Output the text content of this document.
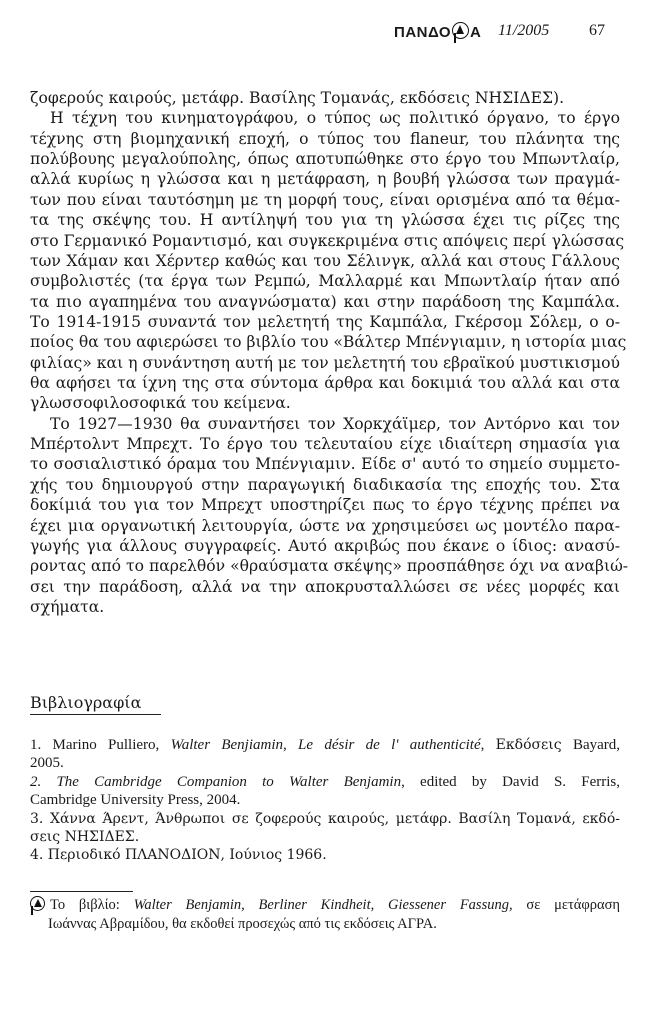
ΠΑΝΔΟ Α 11/2005 67
ζοφερούς καιρούς, μετάφρ. Βασίλης Τομανάς, εκδόσεις ΝΗΣΙΔΕΣ).
Η τέχνη του κινηματογράφου, ο τύπος ως πολιτικό όργανο, το έργο
τέχνης στη βιομηχανική εποχή, ο τύπος του flaneur, του πλάνητα της
πολύβουης μεγαλούπολης, όπως αποτυπώθηκε στο έργο του Μπωντλαίρ,
αλλά κυρίως η γλώσσα και η μετάφραση, η βουβή γλώσσα των πραγμά-
των που είναι ταυτόσημη με τη μορφή τους, είναι ορισμένα από τα θέμα-
τα της σκέψης του. Η αντίληψή του για τη γλώσσα έχει τις ρίζες της
στο Γερμανικό Ρομαντισμό, και συγκεκριμένα στις απόψεις περί γλώσσας
των Χάμαν και Χέρντερ καθώς και του Σέλινγκ, αλλά και στους Γάλλους
συμβολιστές (τα έργα των Ρεμπώ, Μαλλαρμέ και Μπωντλαίρ ήταν από
τα πιο αγαπημένα του αναγνώσματα) και στην παράδοση της Καμπάλα.
Το 1914-1915 συναντά τον μελετητή της Καμπάλα, Γκέρσομ Σόλεμ, ο ο-
ποίος θα του αφιερώσει το βιβλίο του «Βάλτερ Μπένγιαμιν, η ιστορία μιας
φιλίας» και η συνάντηση αυτή με τον μελετητή του εβραϊκού μυστικισμού
θα αφήσει τα ίχνη της στα σύντομα άρθρα και δοκιμιά του αλλά και στα
γλωσσοφιλοσοφικά του κείμενα.
Το 1927—1930 θα συναντήσει τον Χορκχάϊμερ, τον Αντόρνο και τον
Μπέρτολντ Μπρεχτ. Το έργο του τελευταίου είχε ιδιαίτερη σημασία για
το σοσιαλιστικό όραμα του Μπένγιαμιν. Είδε σ' αυτό το σημείο συμμετο-
χής του δημιουργού στην παραγωγική διαδικασία της εποχής του. Στα
δοκίμιά του για τον Μπρεχτ υποστηρίζει πως το έργο τέχνης πρέπει να
έχει μια οργανωτική λειτουργία, ώστε να χρησιμεύσει ως μοντέλο παρα-
γωγής για άλλους συγγραφείς. Αυτό ακριβώς που έκανε ο ίδιος: ανασύ-
ροντας από το παρελθόν «θραύσματα σκέψης» προσπάθησε όχι να αναβιώ-
σει την παράδοση, αλλά να την αποκρυσταλλώσει σε νέες μορφές και
σχήματα.
Βιβλιογραφία
1. Marino Pulliero, Walter Benjiamin, Le désir de l' authenticité, Εκδόσεις Bayard,
2005.
2. The Cambridge Companion to Walter Benjamin, edited by David S. Ferris,
Cambridge University Press, 2004.
3. Χάννα Άρεντ, Άνθρωποι σε ζοφερούς καιρούς, μετάφρ. Βασίλη Τομανά, εκδό-
σεις ΝΗΣΙΔΕΣ.
4. Περιοδικό ΠΛΑΝΟΔΙΟΝ, Ιούνιος 1966.
Το βιβλίο: Walter Benjamin, Berliner Kindheit, Giessener Fassung, σε μετάφραση
Ιωάννας Αβραμίδου, θα εκδοθεί προσεχώς από τις εκδόσεις ΑΓΡΑ.
